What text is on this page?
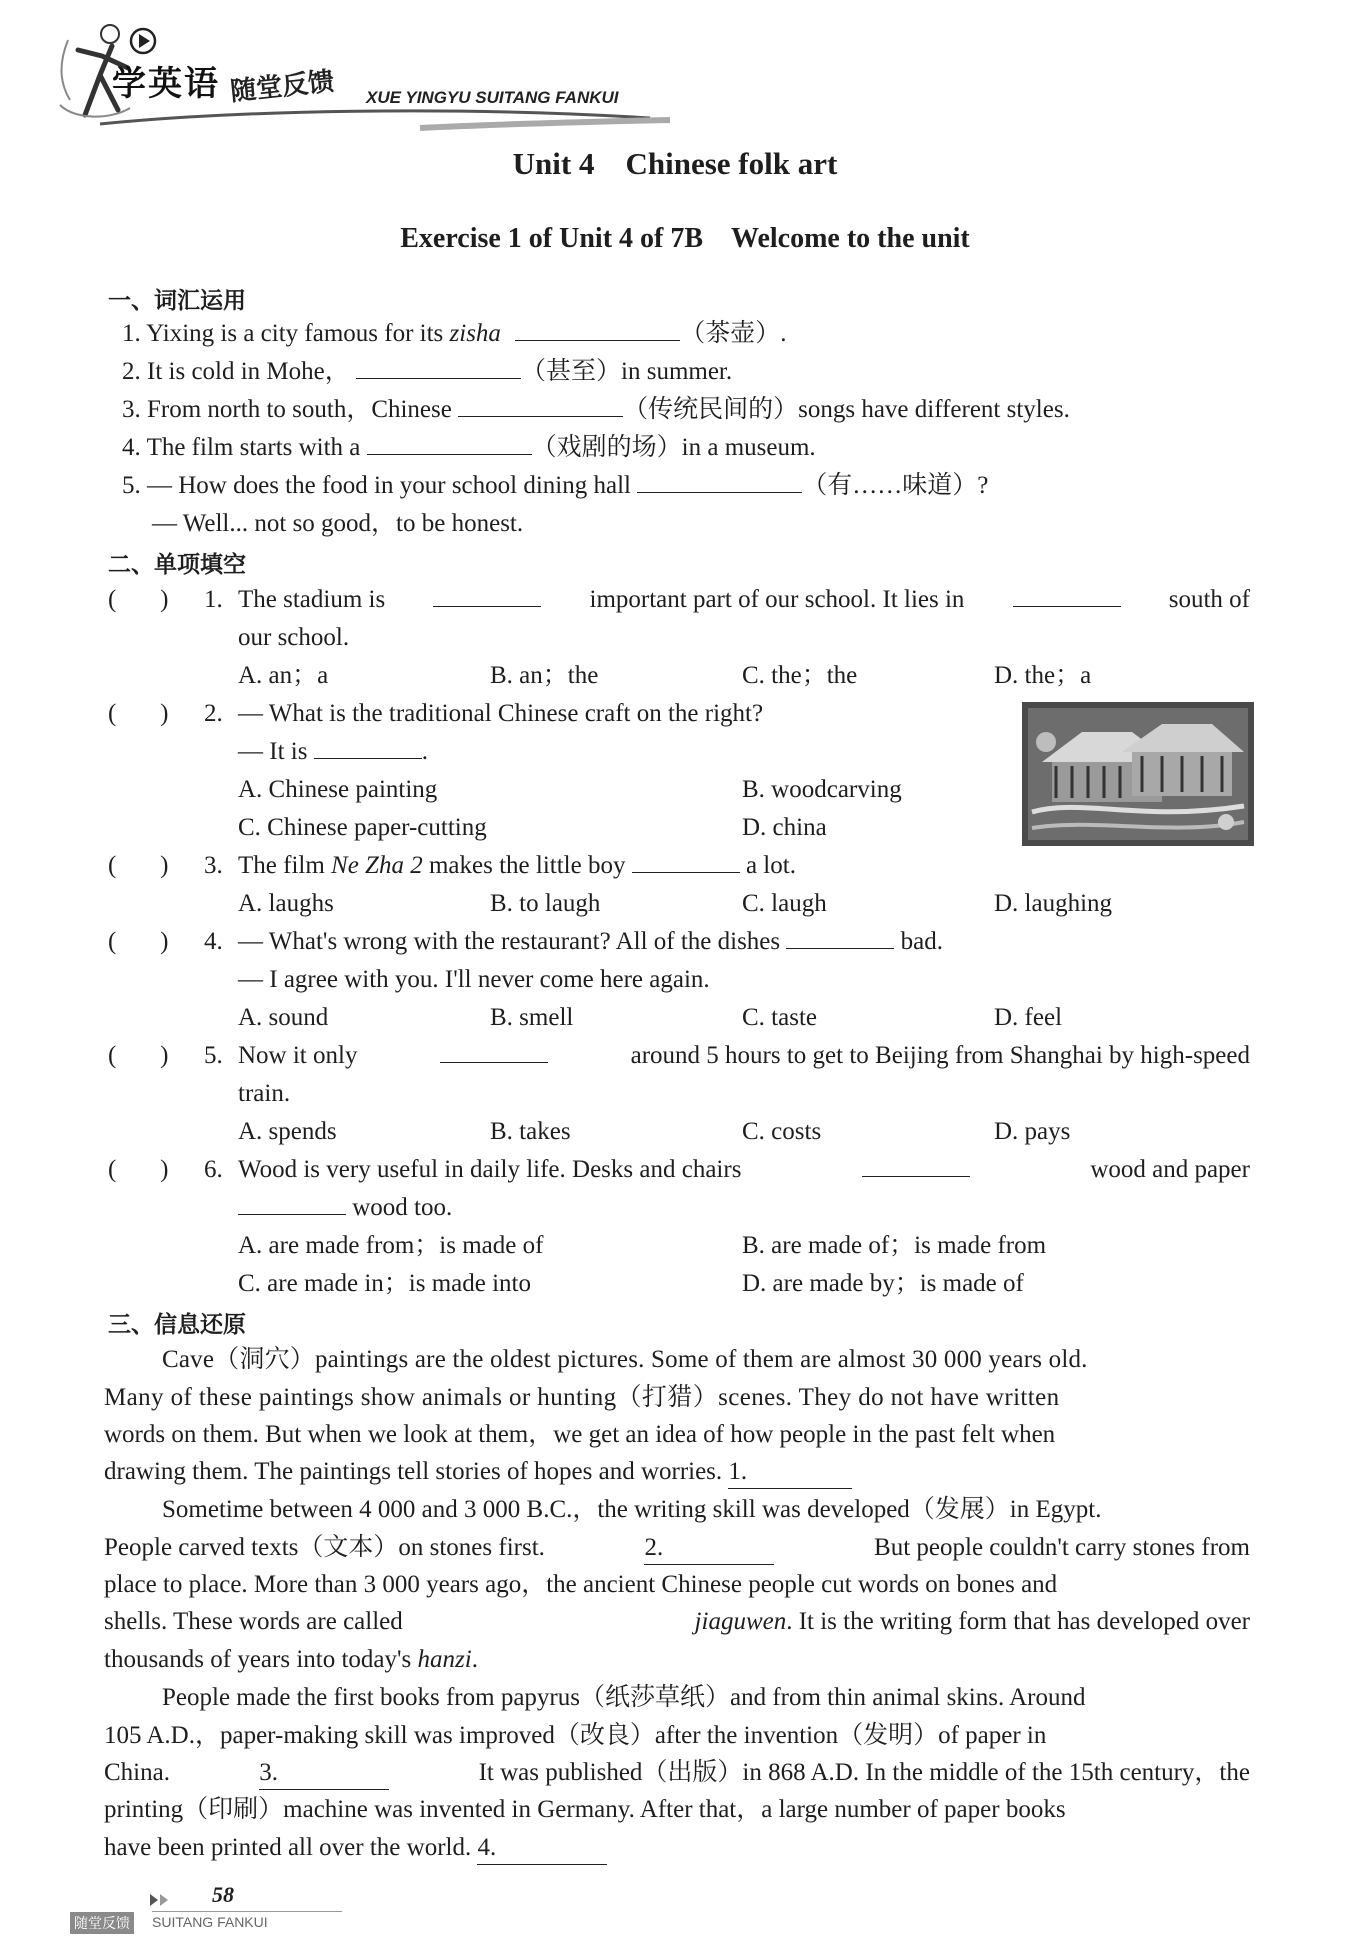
学英语 随堂反馈 XUE YINGYU SUITANG FANKUI
Unit 4　Chinese folk art
Exercise 1 of Unit 4 of 7B　Welcome to the unit
一、词汇运用
1. Yixing is a city famous for its zisha	（茶壶）.
2. It is cold in Mohe，	（甚至）in summer.
3. From north to south，Chinese	（传统民间的）songs have different styles.
4. The film starts with a	（戏剧的场）in a museum.
5. — How does the food in your school dining hall	（有……味道）?
— Well... not so good，to be honest.
二、单项填空
(       ) 1. The stadium is	important part of our school. It lies in	south of
our school.
A. an；a	B. an；the	C. the；the	D. the；a
(       ) 2. — What is the traditional Chinese craft on the right?
— It is	.
A. Chinese painting	B. woodcarving
C. Chinese paper-cutting	D. china
(       ) 3. The film Ne Zha 2 makes the little boy	a lot.
A. laughs	B. to laugh	C. laugh	D. laughing
(       ) 4. — What's wrong with the restaurant? All of the dishes	bad.
— I agree with you. I'll never come here again.
A. sound	B. smell	C. taste	D. feel
(       ) 5. Now it only	around 5 hours to get to Beijing from Shanghai by high-speed
train.
A. spends	B. takes	C. costs	D. pays
(       ) 6. Wood is very useful in daily life. Desks and chairs	wood and paper
wood too.
A. are made from；is made of	B. are made of；is made from
C. are made in；is made into	D. are made by；is made of
三、信息还原
Cave（洞穴）paintings are the oldest pictures. Some of them are almost 30 000 years old.
Many of these paintings show animals or hunting（打猎）scenes. They do not have written
words on them. But when we look at them，we get an idea of how people in the past felt when
drawing them. The paintings tell stories of hopes and worries. 1.
Sometime between 4 000 and 3 000 B.C.，the writing skill was developed（发展）in Egypt.
People carved texts（文本）on stones first.	2.	But people couldn't carry stones from
place to place. More than 3 000 years ago，the ancient Chinese people cut words on bones and
shells. These words are called	jiaguwen. It is the writing form that has developed over
thousands of years into today's hanzi.
People made the first books from papyrus（纸莎草纸）and from thin animal skins. Around
105 A.D.，paper-making skill was improved（改良）after the invention（发明）of paper in
China.	3.	It was published（出版）in 868 A.D. In the middle of the 15th century，the
printing（印刷）machine was invented in Germany. After that，a large number of paper books
have been printed all over the world. 4.
58
随堂反馈 SUITANG FANKUI
